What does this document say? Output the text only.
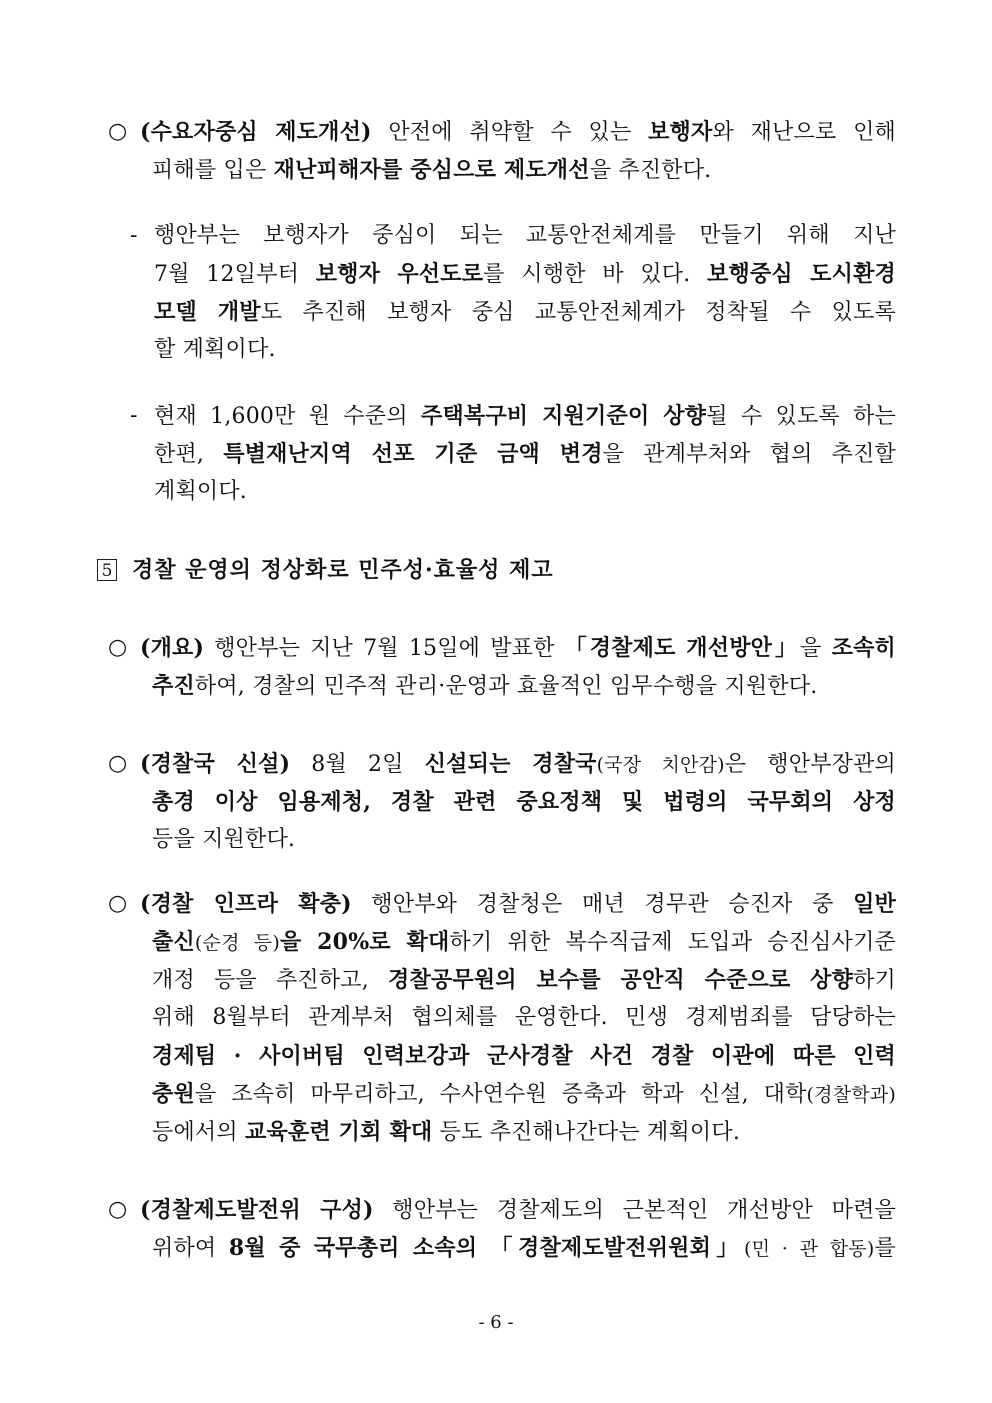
○ (수요자중심 제도개선) 안전에 취약할 수 있는 보행자와 재난으로 인해
피해를 입은 재난피해자를 중심으로 제도개선을 추진한다.
- 행안부는 보행자가 중심이 되는 교통안전체계를 만들기 위해 지난
7월 12일부터 보행자 우선도로를 시행한 바 있다. 보행중심 도시환경
모델 개발도 추진해 보행자 중심 교통안전체계가 정착될 수 있도록
할 계획이다.
- 현재 1,600만 원 수준의 주택복구비 지원기준이 상향될 수 있도록 하는
한편, 특별재난지역 선포 기준 금액 변경을 관계부처와 협의 추진할
계획이다.
5 경찰 운영의 정상화로 민주성·효율성 제고
○ (개요) 행안부는 지난 7월 15일에 발표한 「경찰제도 개선방안」을 조속히
추진하여, 경찰의 민주적 관리·운영과 효율적인 임무수행을 지원한다.
○ (경찰국 신설) 8월 2일 신설되는 경찰국(국장 치안감)은 행안부장관의
총경 이상 임용제청, 경찰 관련 중요정책 및 법령의 국무회의 상정
등을 지원한다.
○ (경찰 인프라 확충) 행안부와 경찰청은 매년 경무관 승진자 중 일반
출신(순경 등)을 20%로 확대하기 위한 복수직급제 도입과 승진심사기준
개정 등을 추진하고, 경찰공무원의 보수를 공안직 수준으로 상향하기
위해 8월부터 관계부처 협의체를 운영한다. 민생 경제범죄를 담당하는
경제팀 · 사이버팀 인력보강과 군사경찰 사건 경찰 이관에 따른 인력
충원을 조속히 마무리하고, 수사연수원 증축과 학과 신설, 대학(경찰학과)
등에서의 교육훈련 기회 확대 등도 추진해나간다는 계획이다.
○ (경찰제도발전위 구성) 행안부는 경찰제도의 근본적인 개선방안 마련을
위하여 8월 중 국무총리 소속의 「경찰제도발전위원회」(민 · 관 합동)를
- 6 -
